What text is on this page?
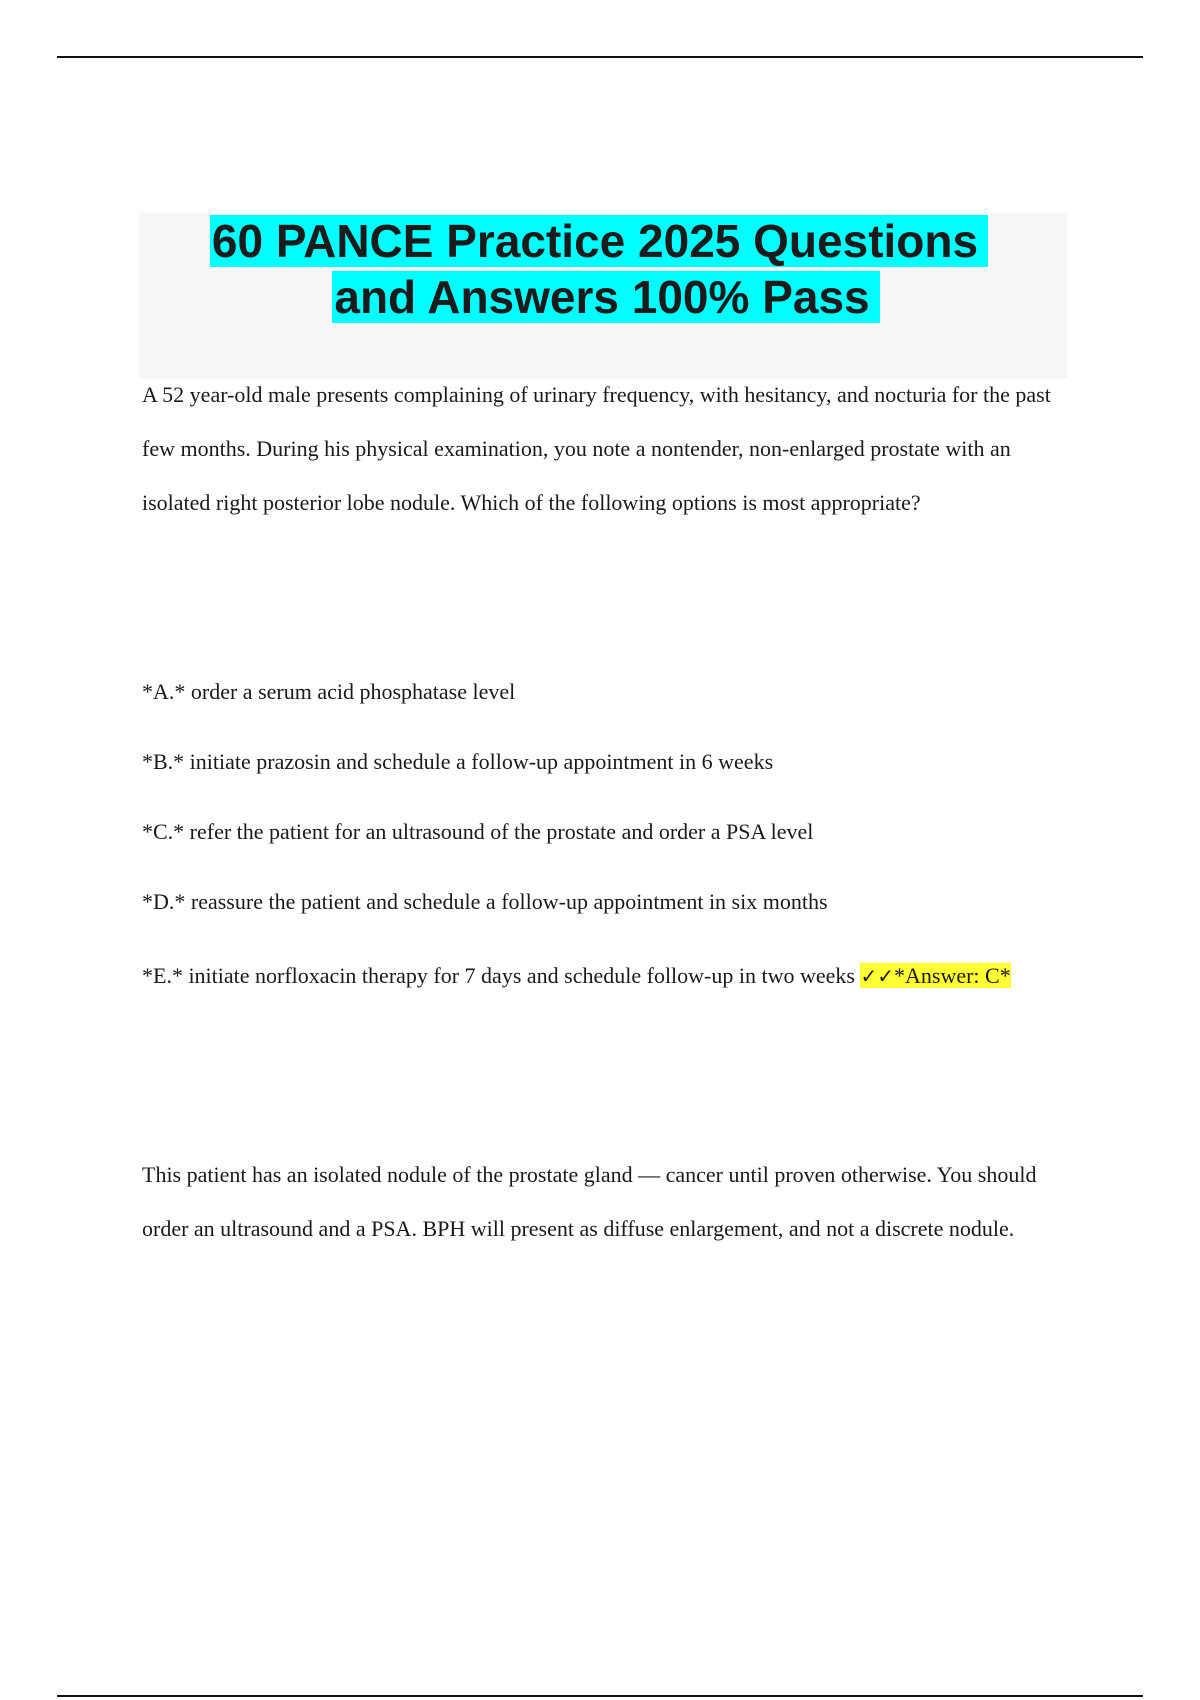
60 PANCE Practice 2025 Questions
and Answers 100% Pass

A 52 year-old male presents complaining of urinary frequency, with hesitancy, and nocturia for the past few months. During his physical examination, you note a nontender, non-enlarged prostate with an isolated right posterior lobe nodule. Which of the following options is most appropriate?

*A.* order a serum acid phosphatase level
*B.* initiate prazosin and schedule a follow-up appointment in 6 weeks
*C.* refer the patient for an ultrasound of the prostate and order a PSA level
*D.* reassure the patient and schedule a follow-up appointment in six months
*E.* initiate norfloxacin therapy for 7 days and schedule follow-up in two weeks ✓✓*Answer: C*

This patient has an isolated nodule of the prostate gland — cancer until proven otherwise. You should order an ultrasound and a PSA. BPH will present as diffuse enlargement, and not a discrete nodule.
